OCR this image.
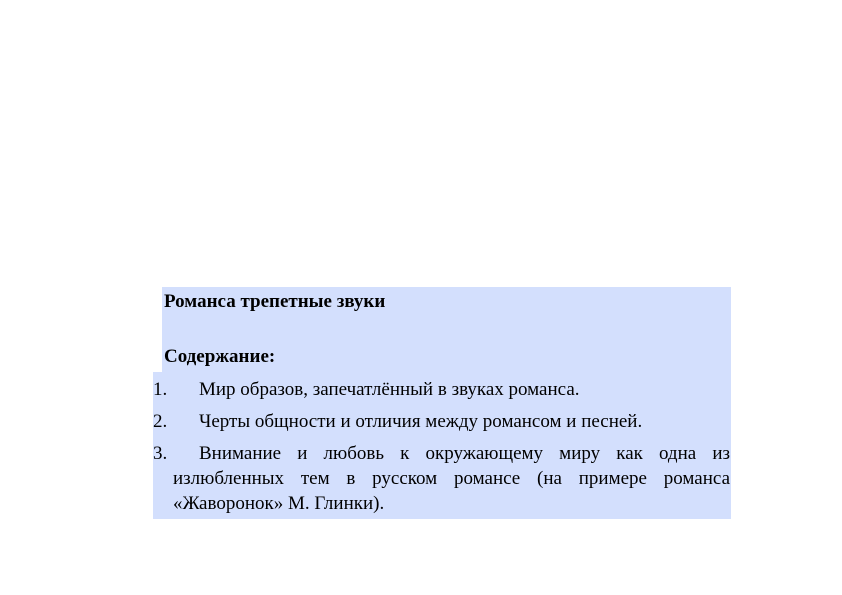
Романса трепетные звуки
Содержание:
1. Мир образов, запечатлённый в звуках романса.
2. Черты общности и отличия между романсом и песней.
3. Внимание и любовь к окружающему миру как одна из излюбленных тем в русском романсе (на примере романса «Жаворонок» М. Глинки).
